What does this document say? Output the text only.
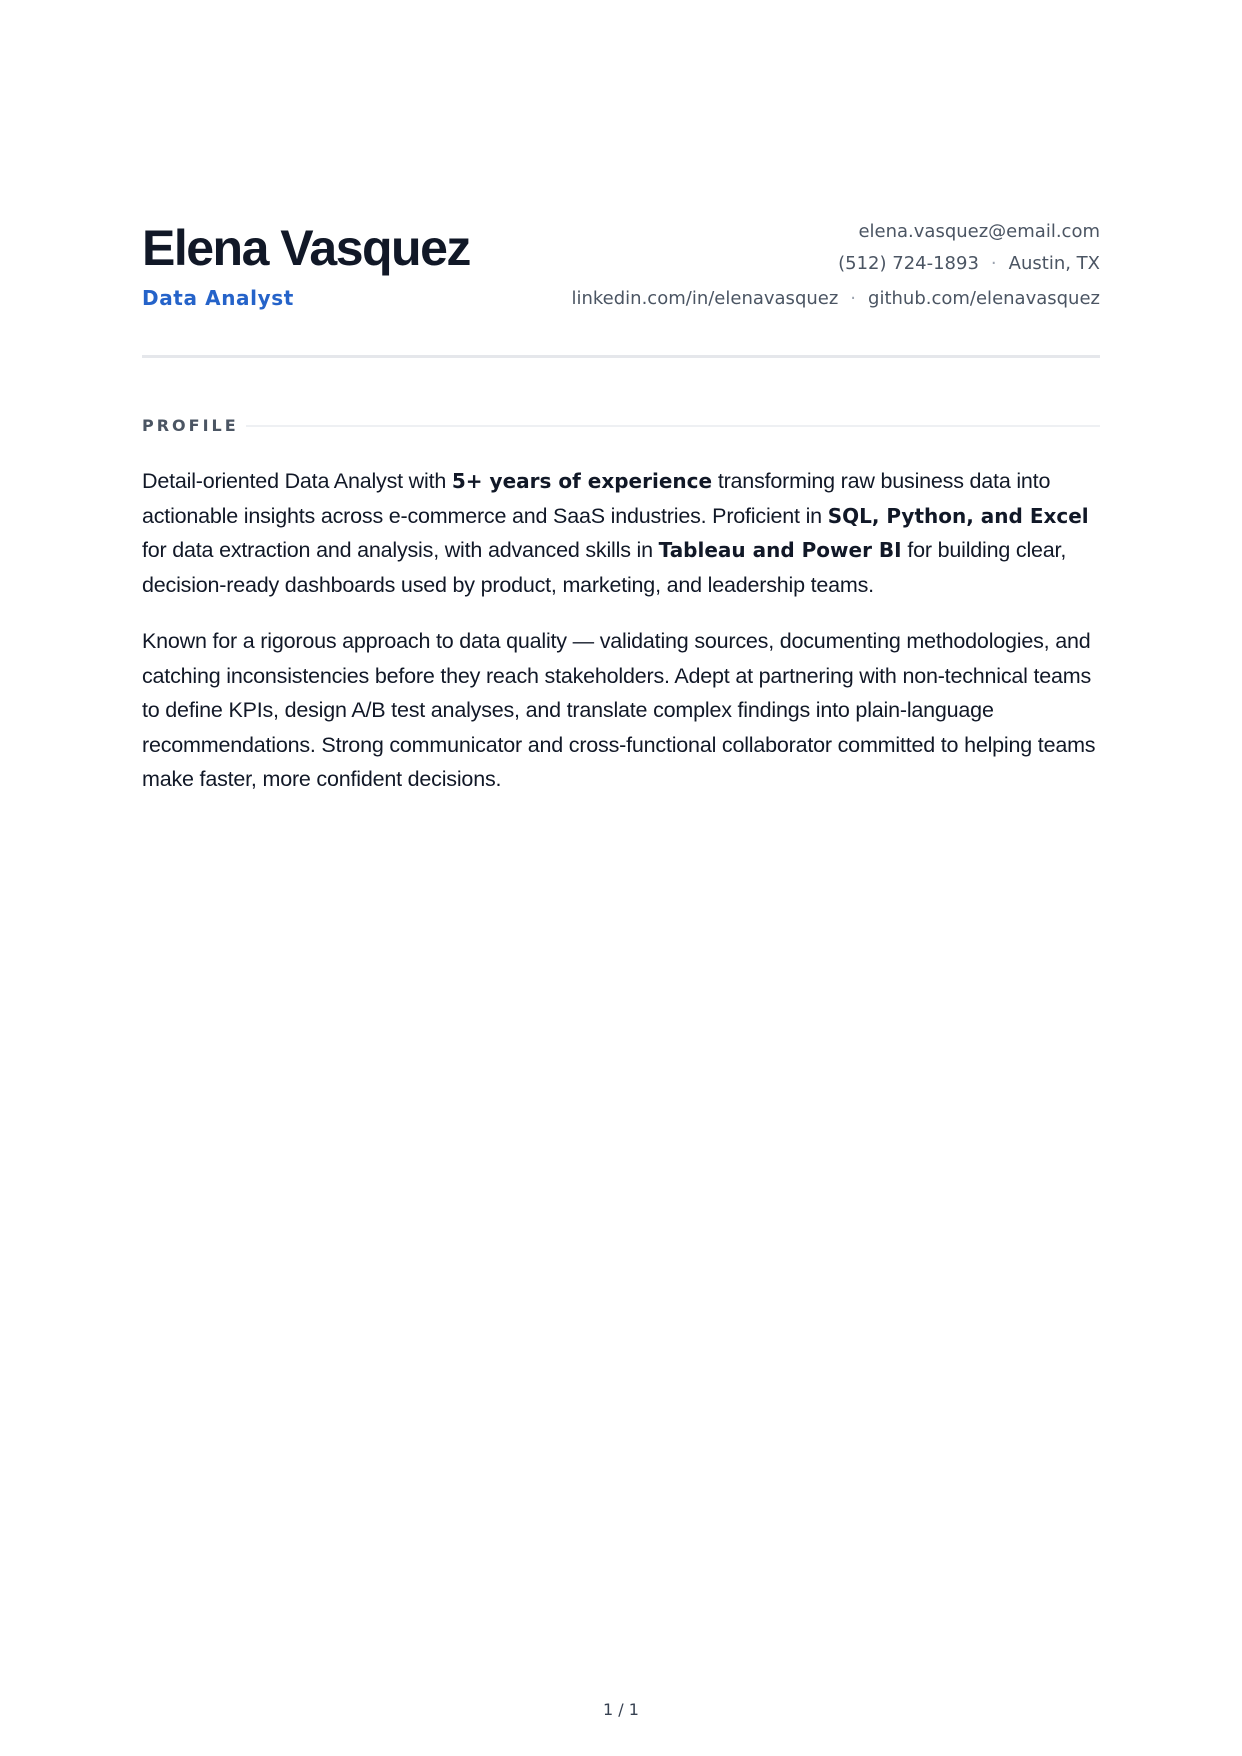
Elena Vasquez
Data Analyst
elena.vasquez@email.com
(512) 724-1893 · Austin, TX
linkedin.com/in/elenavasquez · github.com/elenavasquez
PROFILE

Detail-oriented Data Analyst with 5+ years of experience transforming raw business data into actionable insights across e-commerce and SaaS industries. Proficient in SQL, Python, and Excel for data extraction and analysis, with advanced skills in Tableau and Power BI for building clear, decision-ready dashboards used by product, marketing, and leadership teams.

Known for a rigorous approach to data quality — validating sources, documenting methodologies, and catching inconsistencies before they reach stakeholders. Adept at partnering with non-technical teams to define KPIs, design A/B test analyses, and translate complex findings into plain-language recommendations. Strong communicator and cross-functional collaborator committed to helping teams make faster, more confident decisions.

1 / 1
